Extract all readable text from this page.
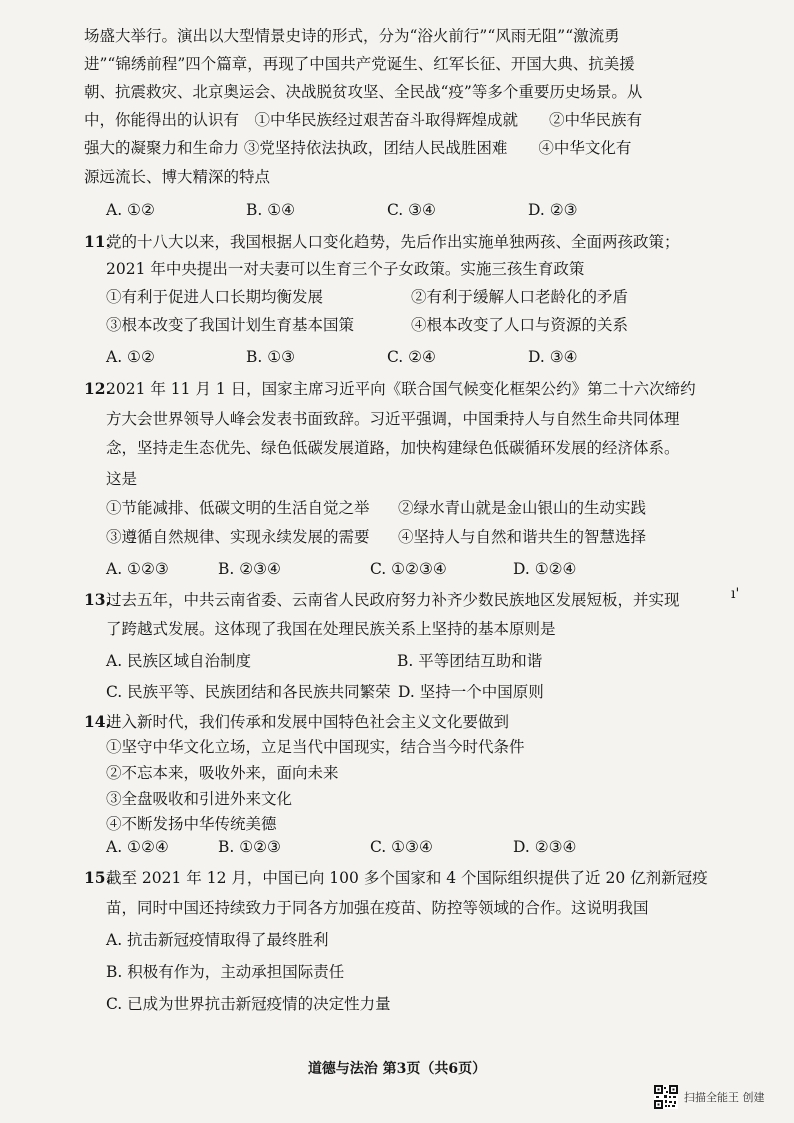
场盛大举行。演出以大型情景史诗的形式，分为“浴火前行”“风雨无阻”“激流勇
进”“锦绣前程”四个篇章，再现了中国共产党诞生、红军长征、开国大典、抗美援
朝、抗震救灾、北京奥运会、决战脱贫攻坚、全民战“疫”等多个重要历史场景。从
中，你能得出的认识有　①中华民族经过艰苦奋斗取得辉煌成就　　②中华民族有
强大的凝聚力和生命力 ③党坚持依法执政，团结人民战胜困难　　④中华文化有
源远流长、博大精深的特点
A. ①②	B. ①④	C. ③④	D. ②③
11.
党的十八大以来，我国根据人口变化趋势，先后作出实施单独两孩、全面两孩政策；
2021 年中央提出一对夫妻可以生育三个子女政策。实施三孩生育政策
①有利于促进人口长期均衡发展	②有利于缓解人口老龄化的矛盾
③根本改变了我国计划生育基本国策	④根本改变了人口与资源的关系
A. ①②	B. ①③	C. ②④	D. ③④
12.
2021 年 11 月 1 日，国家主席习近平向《联合国气候变化框架公约》第二十六次缔约
方大会世界领导人峰会发表书面致辞。习近平强调，中国秉持人与自然生命共同体理
念，坚持走生态优先、绿色低碳发展道路，加快构建绿色低碳循环发展的经济体系。
这是
①节能减排、低碳文明的生活自觉之举 ②绿水青山就是金山银山的生动实践
③遵循自然规律、实现永续发展的需要 ④坚持人与自然和谐共生的智慧选择
A. ①②③	B. ②③④	C. ①②③④	D. ①②④
13.
过去五年，中共云南省委、云南省人民政府努力补齐少数民族地区发展短板，并实现
了跨越式发展。这体现了我国在处理民族关系上坚持的基本原则是
A. 民族区域自治制度	B. 平等团结互助和谐
C. 民族平等、民族团结和各民族共同繁荣 D. 坚持一个中国原则
14.
进入新时代，我们传承和发展中国特色社会主义文化要做到
①坚守中华文化立场，立足当代中国现实，结合当今时代条件
②不忘本来，吸收外来，面向未来
③全盘吸收和引进外来文化
④不断发扬中华传统美德
A. ①②④	B. ①②③	C. ①③④	D. ②③④
15.
截至 2021 年 12 月，中国已向 100 多个国家和 4 个国际组织提供了近 20 亿剂新冠疫
苗，同时中国还持续致力于同各方加强在疫苗、防控等领域的合作。这说明我国
A. 抗击新冠疫情取得了最终胜利
B. 积极有作为，主动承担国际责任
C. 已成为世界抗击新冠疫情的决定性力量
ı'
道德与法治 第3页（共6页）
扫描全能王 创建
